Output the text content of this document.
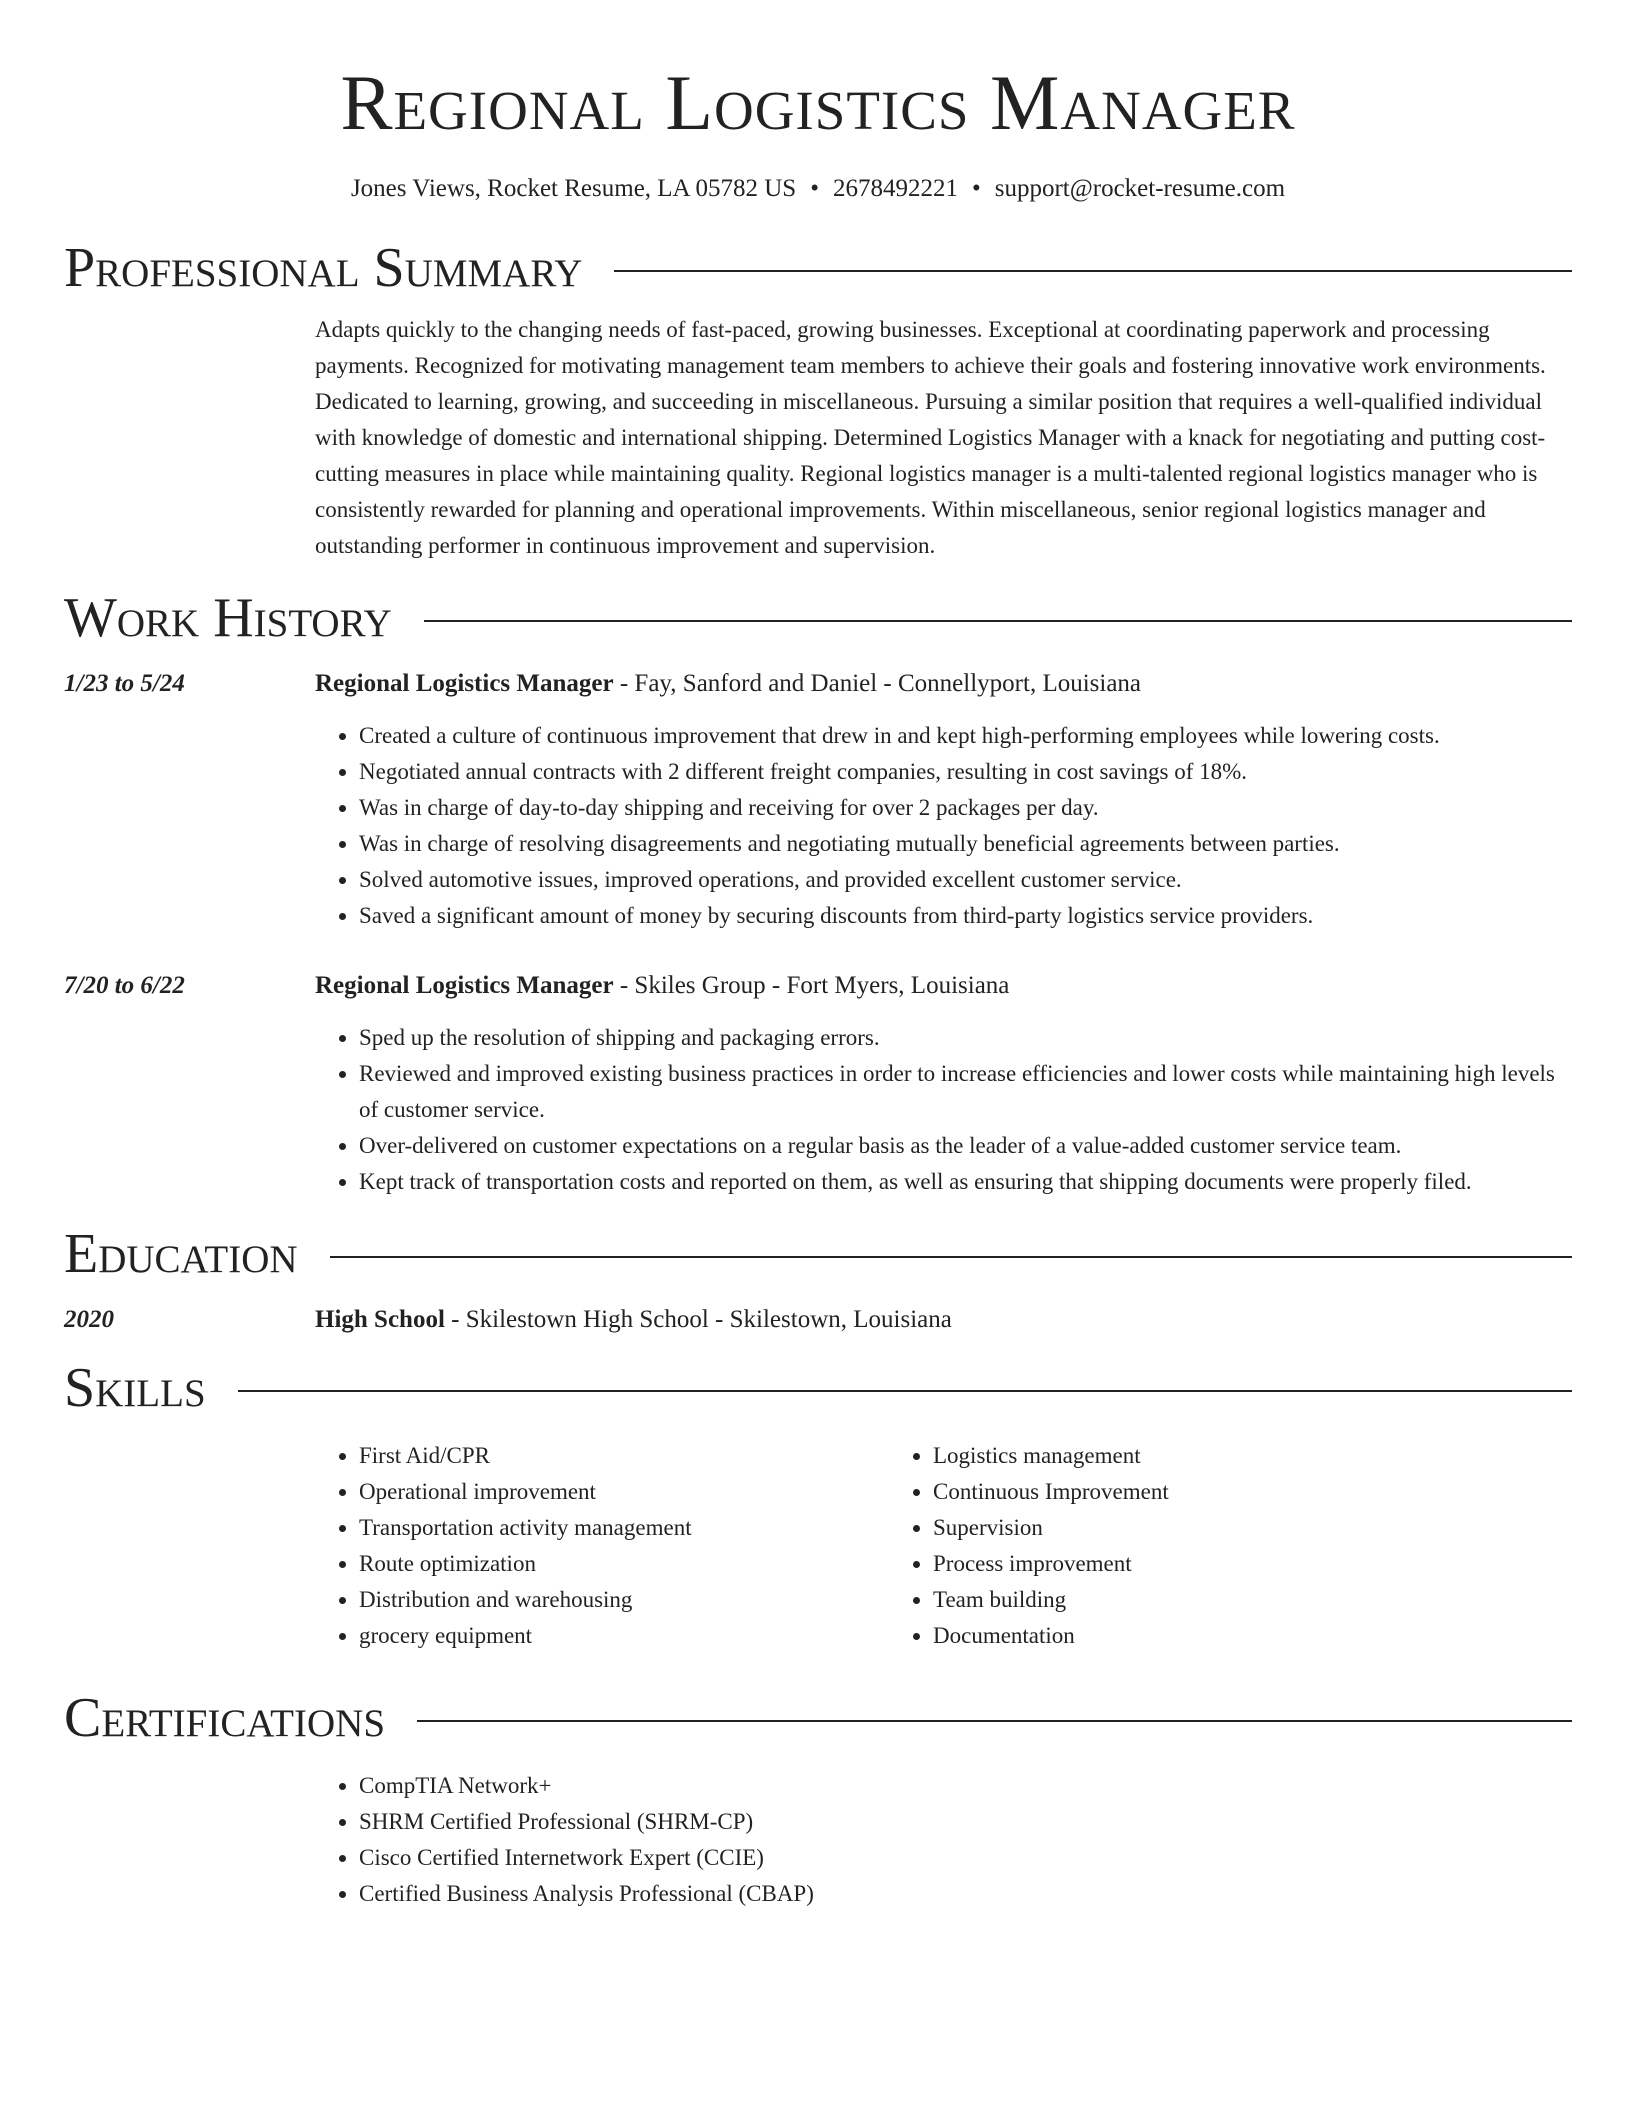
Regional Logistics Manager
Jones Views, Rocket Resume, LA 05782 US • 2678492221 • support@rocket-resume.com
Professional Summary
Adapts quickly to the changing needs of fast-paced, growing businesses. Exceptional at coordinating paperwork and processing payments. Recognized for motivating management team members to achieve their goals and fostering innovative work environments. Dedicated to learning, growing, and succeeding in miscellaneous. Pursuing a similar position that requires a well-qualified individual with knowledge of domestic and international shipping. Determined Logistics Manager with a knack for negotiating and putting cost-cutting measures in place while maintaining quality. Regional logistics manager is a multi-talented regional logistics manager who is consistently rewarded for planning and operational improvements. Within miscellaneous, senior regional logistics manager and outstanding performer in continuous improvement and supervision.
Work History
1/23 to 5/24	Regional Logistics Manager - Fay, Sanford and Daniel - Connellyport, Louisiana
• Created a culture of continuous improvement that drew in and kept high-performing employees while lowering costs.
• Negotiated annual contracts with 2 different freight companies, resulting in cost savings of 18%.
• Was in charge of day-to-day shipping and receiving for over 2 packages per day.
• Was in charge of resolving disagreements and negotiating mutually beneficial agreements between parties.
• Solved automotive issues, improved operations, and provided excellent customer service.
• Saved a significant amount of money by securing discounts from third-party logistics service providers.
7/20 to 6/22	Regional Logistics Manager - Skiles Group - Fort Myers, Louisiana
• Sped up the resolution of shipping and packaging errors.
• Reviewed and improved existing business practices in order to increase efficiencies and lower costs while maintaining high levels of customer service.
• Over-delivered on customer expectations on a regular basis as the leader of a value-added customer service team.
• Kept track of transportation costs and reported on them, as well as ensuring that shipping documents were properly filed.
Education
2020	High School - Skilestown High School - Skilestown, Louisiana
Skills
• First Aid/CPR
• Operational improvement
• Transportation activity management
• Route optimization
• Distribution and warehousing
• grocery equipment
• Logistics management
• Continuous Improvement
• Supervision
• Process improvement
• Team building
• Documentation
Certifications
• CompTIA Network+
• SHRM Certified Professional (SHRM-CP)
• Cisco Certified Internetwork Expert (CCIE)
• Certified Business Analysis Professional (CBAP)
